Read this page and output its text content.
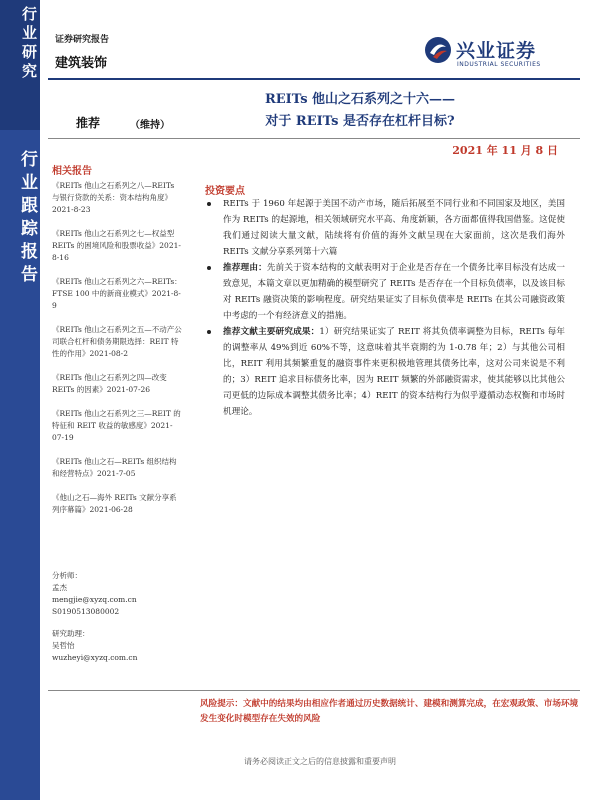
行业研究
行业跟踪报告
证券研究报告
建筑装饰
兴业证券
INDUSTRIAL SECURITIES
REITs 他山之石系列之十六——
对于 REITs 是否存在杠杆目标?
推荐	（维持）
2021 年 11 月 8 日
相关报告
《REITs 他山之石系列之八—REITs 与银行贷款的关系：资本结构角度》2021-8-23
《REITs 他山之石系列之七—权益型 REITs 的困境风险和股票收益》2021-8-16
《REITs 他山之石系列之六—REITs：FTSE 100 中的新商业模式》2021-8-9
《REITs 他山之石系列之五—不动产公司联合杠杆和债务期限选择：REIT 特性的作用》2021-08-2
《REITs 他山之石系列之四—改变 REITs 的因素》2021-07-26
《REITs 他山之石系列之三—REIT 的特征和 REIT 收益的敏感度》2021-07-19
《REITs 他山之石—REITs 组织结构和经营特点》2021-7-05
《他山之石—海外 REITs 文献分享系列序幕篇》2021-06-28
分析师：
孟杰
mengjie@xyzq.com.cn
S0190513080002
研究助理：
吴哲怡
wuzheyi@xyzq.com.cn
投资要点
REITs 于 1960 年起源于美国不动产市场，随后拓展至不同行业和不同国家及地区，美国作为 REITs 的起源地，相关领域研究水平高、角度新颖，各方面都值得我国借鉴。这促使我们通过阅读大量文献，陆续将有价值的海外文献呈现在大家面前，这次是我们海外 REITs 文献分享系列第十六篇
推荐理由：先前关于资本结构的文献表明对于企业是否存在一个债务比率目标没有达成一致意见，本篇文章以更加精确的模型研究了 REITs 是否存在一个目标负债率，以及该目标对 REITs 融资决策的影响程度。研究结果证实了目标负债率是 REITs 在其公司融资政策中考虑的一个有经济意义的措施。
推荐文献主要研究成果：1）研究结果证实了 REIT 将其负债率调整为目标，REITs 每年的调整率从 49%到近 60%不等，这意味着其半衰期约为 1-0.78 年；2）与其他公司相比，REIT 利用其频繁重复的融资事件来更积极地管理其债务比率，这对公司来说是不利的；3）REIT 追求目标债务比率，因为 REIT 频繁的外部融资需求，使其能够以比其他公司更低的边际成本调整其债务比率；4）REIT 的资本结构行为似乎遵循动态权衡和市场时机理论。
风险提示：文献中的结果均由相应作者通过历史数据统计、建模和测算完成，在宏观政策、市场环境发生变化时模型存在失效的风险
请务必阅读正文之后的信息披露和重要声明
